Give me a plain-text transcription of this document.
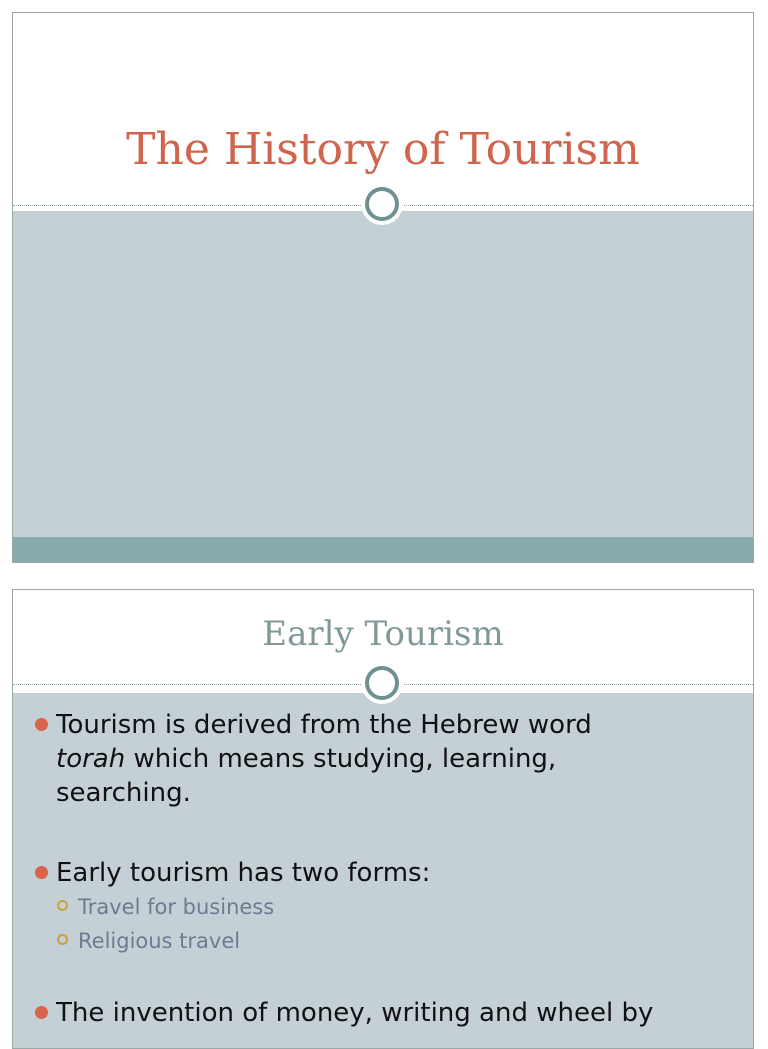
The History of Tourism
Early Tourism
Tourism is derived from the Hebrew word
torah which means studying, learning,
searching.
Early tourism has two forms:
Travel for business
Religious travel
The invention of money, writing and wheel by
